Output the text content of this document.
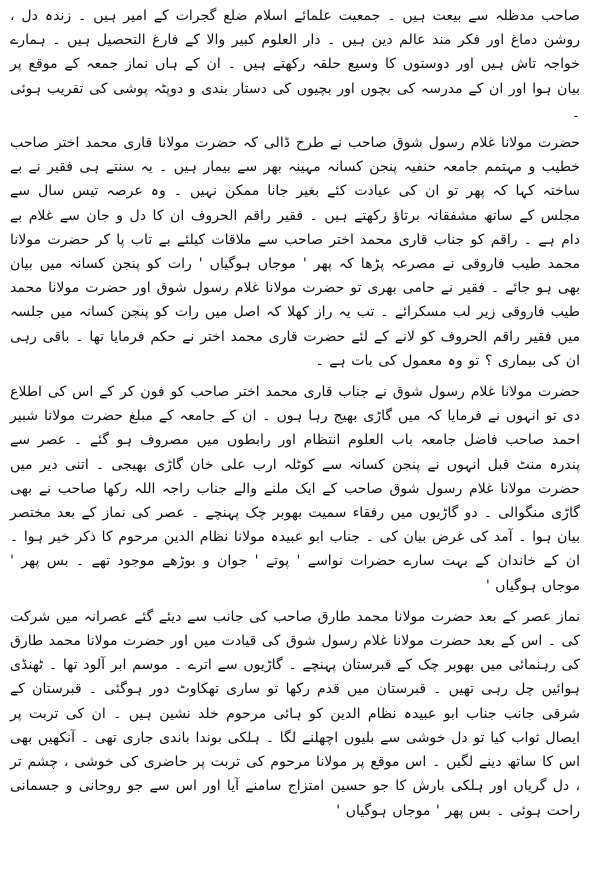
صاحب مدظلہ سے بیعت ہیں ۔ جمعیت علمائے اسلام ضلع گجرات کے امیر ہیں ۔ زندہ دل ، روشن دماغ اور فکر مند عالم دین ہیں ۔ دار العلوم کبیر والا کے فارغ التحصیل ہیں ۔ ہمارے خواجہ تاش ہیں اور دوستوں کا وسیع حلقہ رکھتے ہیں ۔ ان کے ہاں نماز جمعہ کے موقع پر بیان ہوا اور ان کے مدرسہ کی بچوں اور بچیوں کی دستار بندی و دوپٹہ پوشی کی تقریب ہوئی ۔

حضرت مولانا غلام رسول شوق صاحب نے طرح ڈالی کہ حضرت مولانا قاری محمد اختر صاحب خطیب و مہتمم جامعہ حنفیہ پنجن کسانہ مہینہ بھر سے بیمار ہیں ۔ یہ سنتے ہی فقیر نے بے ساختہ کہا کہ پھر تو ان کی عیادت کئے بغیر جانا ممکن نہیں ۔ وہ عرصہ تیس سال سے مجلس کے ساتھ مشفقانہ برتاؤ رکھتے ہیں ۔ فقیر راقم الحروف ان کا دل و جان سے غلام بے دام ہے ۔ راقم کو جناب قاری محمد اختر صاحب سے ملاقات کیلئے بے تاب پا کر حضرت مولانا محمد طیب فاروقی نے مصرعہ پڑھا کہ پھر ' موجاں ہوگیاں ' رات کو پنجن کسانہ میں بیان بھی ہو جائے ۔ فقیر نے حامی بھری تو حضرت مولانا غلام رسول شوق اور حضرت مولانا محمد طیب فاروقی زیر لب مسکرائے ۔ تب یہ راز کھلا کہ اصل میں رات کو پنجن کسانہ میں جلسہ میں فقیر راقم الحروف کو لانے کے لئے حضرت قاری محمد اختر نے حکم فرمایا تھا ۔ باقی رہی ان کی بیماری ؟ تو وہ معمول کی بات ہے ۔

حضرت مولانا غلام رسول شوق نے جناب قاری محمد اختر صاحب کو فون کر کے اس کی اطلاع دی تو انہوں نے فرمایا کہ میں گاڑی بھیج رہا ہوں ۔ ان کے جامعہ کے مبلغ حضرت مولانا شبیر احمد صاحب فاضل جامعہ باب العلوم انتظام اور رابطوں میں مصروف ہو گئے ۔ عصر سے پندرہ منٹ قبل انہوں نے پنجن کسانہ سے کوٹلہ ارب علی خان گاڑی بھیجی ۔ اتنی دیر میں حضرت مولانا غلام رسول شوق صاحب کے ایک ملنے والے جناب راجہ اللہ رکھا صاحب نے بھی گاڑی منگوالی ۔ دو گاڑیوں میں رفقاء سمیت بھوبر چک پہنچے ۔ عصر کی نماز کے بعد مختصر بیان ہوا ۔ آمد کی غرض بیان کی ۔ جناب ابو عبیدہ مولانا نظام الدین مرحوم کا ذکر خیر ہوا ۔ ان کے خاندان کے بہت سارے حضرات نواسے ' پوتے ' جوان و بوڑھے موجود تھے ۔ بس پھر ' موجاں ہوگیاں '

نماز عصر کے بعد حضرت مولانا محمد طارق صاحب کی جانب سے دیئے گئے عصرانہ میں شرکت کی ۔ اس کے بعد حضرت مولانا غلام رسول شوق کی قیادت میں اور حضرت مولانا محمد طارق کی رہنمائی میں بھوبر چک کے قبرستان پہنچے ۔ گاڑیوں سے اترے ۔ موسم ابر آلود تھا ۔ ٹھنڈی ہوائیں چل رہی تھیں ۔ قبرستان میں قدم رکھا تو ساری تھکاوٹ دور ہوگئی ۔ قبرستان کے شرقی جانب جناب ابو عبیدہ نظام الدین کو ہائی مرحوم خلد نشین ہیں ۔ ان کی تربت پر ایصال ثواب کیا تو دل خوشی سے بلیوں اچھلنے لگا ۔ ہلکی بوندا باندی جاری تھی ۔ آنکھیں بھی اس کا ساتھ دینے لگیں ۔ اس موقع پر مولانا مرحوم کی تربت پر حاضری کی خوشی ، چشم تر ، دل گریاں اور ہلکی بارش کا جو حسین امتزاج سامنے آیا اور اس سے جو روحانی و جسمانی راحت ہوئی ۔ بس پھر ' موجاں ہوگیاں '
